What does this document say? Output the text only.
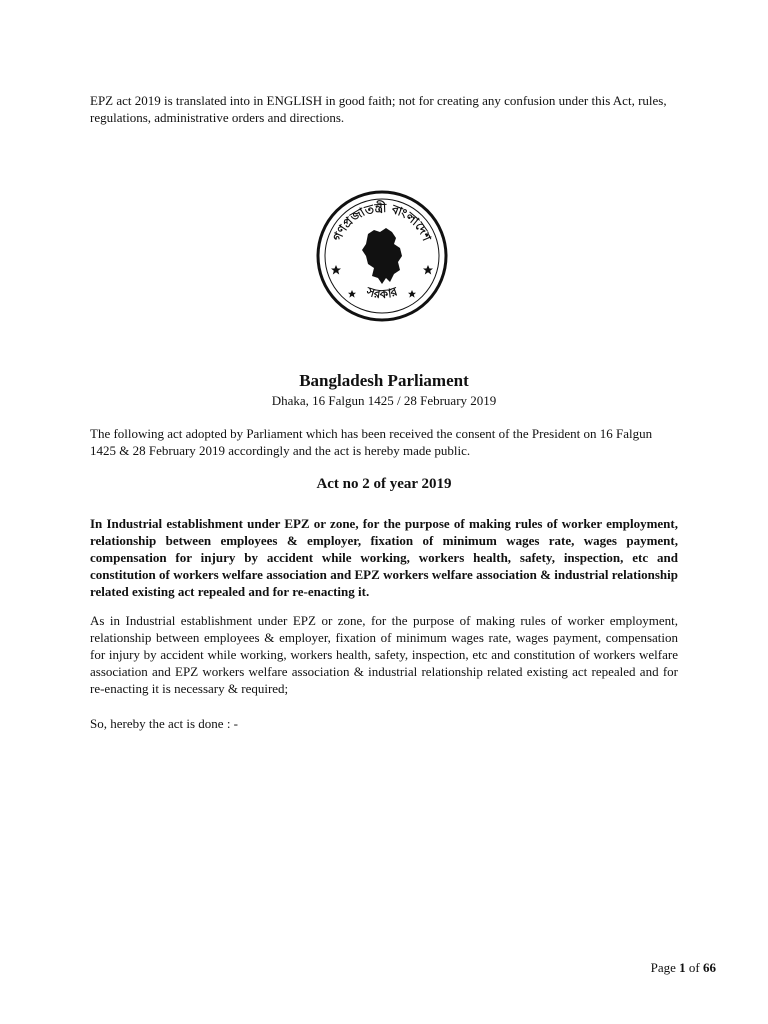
EPZ act 2019 is translated into in ENGLISH in good faith; not for creating any confusion under this Act, rules, regulations, administrative orders and directions.

গণপ্রজাতন্ত্রী বাংলাদেশ
সরকার
Bangladesh Parliament

Dhaka, 16 Falgun 1425 / 28 February 2019

The following act adopted by Parliament which has been received the consent of the President on 16 Falgun 1425 & 28 February 2019 accordingly and the act is hereby made public.

Act no 2 of year 2019

In Industrial establishment under EPZ or zone, for the purpose of making rules of worker employment, relationship between employees & employer, fixation of minimum wages rate, wages payment, compensation for injury by accident while working, workers health, safety, inspection, etc and constitution of workers welfare association and EPZ workers welfare association & industrial relationship related existing act repealed and for re-enacting it.

As in Industrial establishment under EPZ or zone, for the purpose of making rules of worker employment, relationship between employees & employer, fixation of minimum wages rate, wages payment, compensation for injury by accident while working, workers health, safety, inspection, etc and constitution of workers welfare association and EPZ workers welfare association & industrial relationship related existing act repealed and for re-enacting it is necessary & required;

So, hereby the act is done : -

Page 1 of 66
